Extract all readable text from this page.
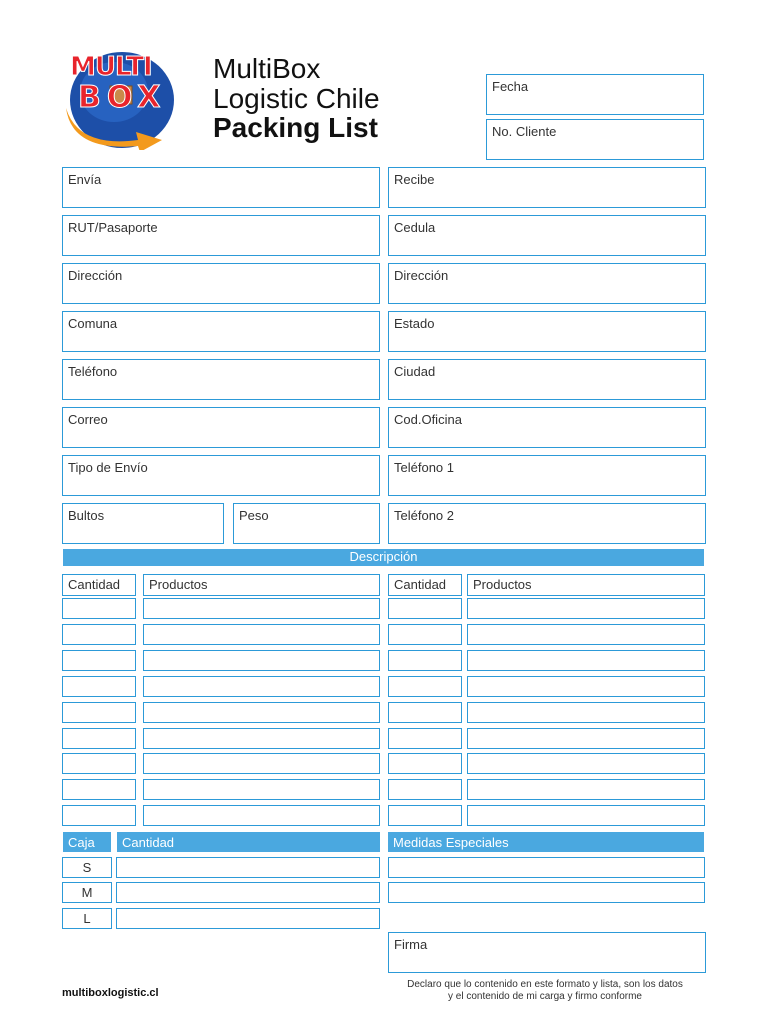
MULTI
BOX
MultiBox
Logistic Chile
Packing List
Fecha
No. Cliente
Envía
RUT/Pasaporte
Dirección
Comuna
Teléfono
Correo
Tipo de Envío
Bultos	Peso
Recibe
Cedula
Dirección
Estado
Ciudad
Cod.Oficina
Teléfono 1
Teléfono 2
Descripción
Cantidad Productos	Cantidad Productos
Caja Cantidad
S
M
L
Medidas Especiales
Firma
multiboxlogistic.cl
Declaro que lo contenido en este formato y lista, son los datos
y el contenido de mi carga y firmo conforme
